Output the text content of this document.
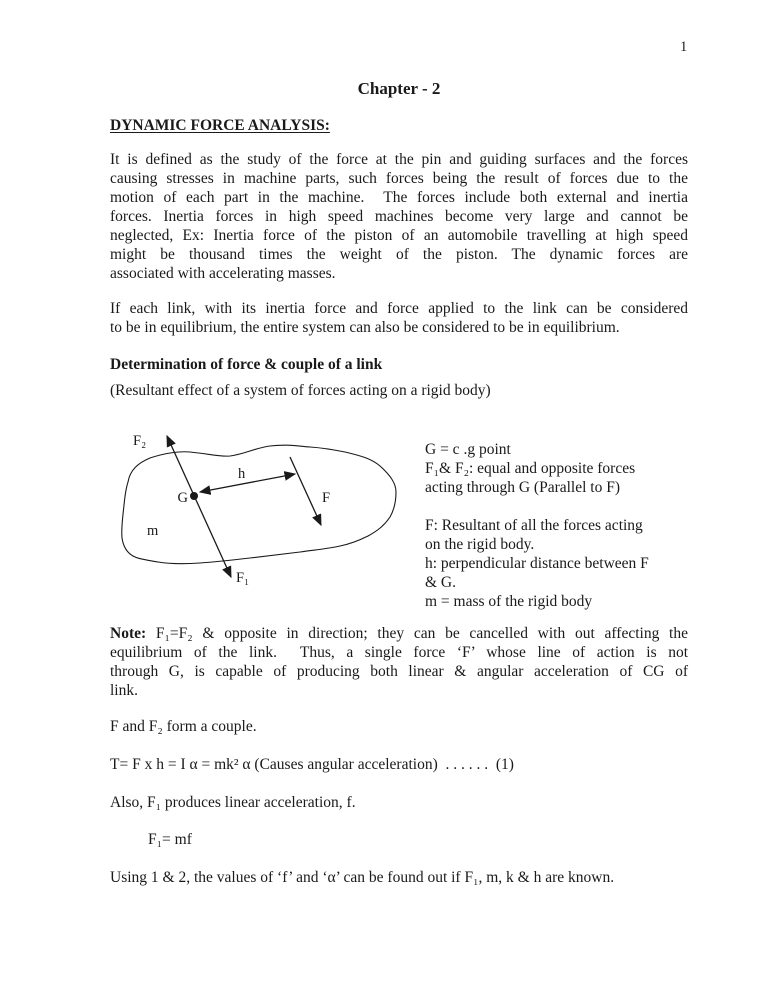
1
Chapter - 2
DYNAMIC FORCE ANALYSIS:
It is defined as the study of the force at the pin and guiding surfaces and the forces
causing stresses in machine parts, such forces being the result of forces due to the
motion of each part in the machine.  The forces include both external and inertia
forces. Inertia forces in high speed machines become very large and cannot be
neglected, Ex: Inertia force of the piston of an automobile travelling at high speed
might be thousand times the weight of the piston. The dynamic forces are
associated with accelerating masses.
If each link, with its inertia force and force applied to the link can be considered
to be in equilibrium, the entire system can also be considered to be in equilibrium.
Determination of force & couple of a link
(Resultant effect of a system of forces acting on a rigid body)
F₂
F₁
G
h
F
m
G = c .g point
F₁& F₂: equal and opposite forces
acting through G (Parallel to F)
F: Resultant of all the forces acting
on the rigid body.
h: perpendicular distance between F
& G.
m = mass of the rigid body
Note: F₁=F₂ & opposite in direction; they can be cancelled with out affecting the
equilibrium of the link.  Thus, a single force ‘F’ whose line of action is not
through G, is capable of producing both linear & angular acceleration of CG of
link.
F and F₂ form a couple.
T= F x h = I α = mk² α (Causes angular acceleration)  . . . . . .  (1)
Also, F₁ produces linear acceleration, f.
F₁= mf
Using 1 & 2, the values of ‘f’ and ‘α’ can be found out if F₁, m, k & h are known.
